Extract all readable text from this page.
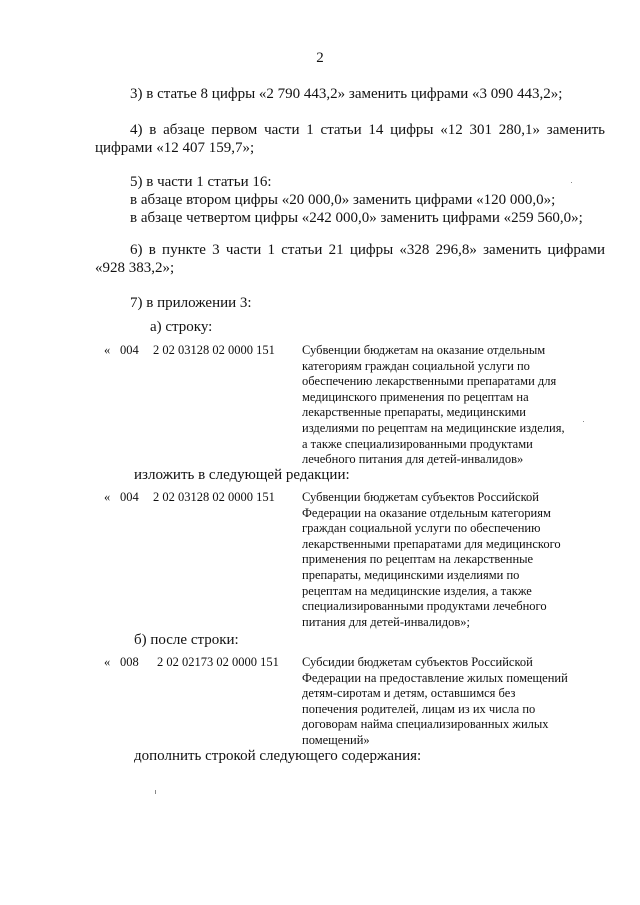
2
3) в статье 8 цифры «2 790 443,2» заменить цифрами «3 090 443,2»;
4) в абзаце первом части 1 статьи 14 цифры «12 301 280,1» заменить
цифрами «12 407 159,7»;
5) в части 1 статьи 16:
в абзаце втором цифры «20 000,0» заменить цифрами «120 000,0»;
в абзаце четвертом цифры «242 000,0» заменить цифрами «259 560,0»;
6) в пункте 3 части 1 статьи 21 цифры «328 296,8» заменить цифрами
«928 383,2»;
7) в приложении 3:
а) строку:
« 004 2 02 03128 02 0000 151 Субвенции бюджетам на оказание отдельным
категориям граждан социальной услуги по
обеспечению лекарственными препаратами для
медицинского применения по рецептам на
лекарственные препараты, медицинскими
изделиями по рецептам на медицинские изделия,
а также специализированными продуктами
лечебного питания для детей-инвалидов»
изложить в следующей редакции:
« 004 2 02 03128 02 0000 151 Субвенции бюджетам субъектов Российской
Федерации на оказание отдельным категориям
граждан социальной услуги по обеспечению
лекарственными препаратами для медицинского
применения по рецептам на лекарственные
препараты, медицинскими изделиями по
рецептам на медицинские изделия, а также
специализированными продуктами лечебного
питания для детей-инвалидов»;
б) после строки:
« 008 2 02 02173 02 0000 151 Субсидии бюджетам субъектов Российской
Федерации на предоставление жилых помещений
детям-сиротам и детям, оставшимся без
попечения родителей, лицам из их числа по
договорам найма специализированных жилых
помещений»
дополнить строкой следующего содержания:
